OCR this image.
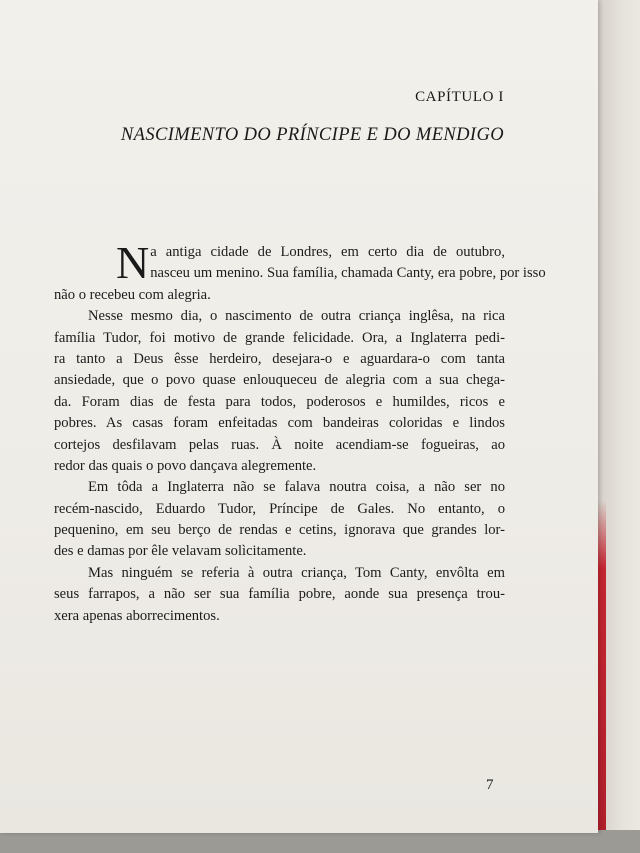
CAPÍTULO I
NASCIMENTO DO PRÍNCIPE E DO MENDIGO
N a antiga cidade de Londres, em certo dia de outubro,
nasceu um menino. Sua família, chamada Canty, era pobre, por isso
não o recebeu com alegria.
Nesse mesmo dia, o nascimento de outra criança inglêsa, na rica
família Tudor, foi motivo de grande felicidade. Ora, a Inglaterra pedi-
ra tanto a Deus êsse herdeiro, desejara-o e aguardara-o com tanta
ansiedade, que o povo quase enlouqueceu de alegria com a sua chega-
da. Foram dias de festa para todos, poderosos e humildes, ricos e
pobres. As casas foram enfeitadas com bandeiras coloridas e lindos
cortejos desfilavam pelas ruas. À noite acendiam-se fogueiras, ao
redor das quais o povo dançava alegremente.
Em tôda a Inglaterra não se falava noutra coisa, a não ser no
recém-nascido, Eduardo Tudor, Príncipe de Gales. No entanto, o
pequenino, em seu berço de rendas e cetins, ignorava que grandes lor-
des e damas por êle velavam solìcitamente.
Mas ninguém se referia à outra criança, Tom Canty, envôlta em
seus farrapos, a não ser sua família pobre, aonde sua presença trou-
xera apenas aborrecimentos.
7
